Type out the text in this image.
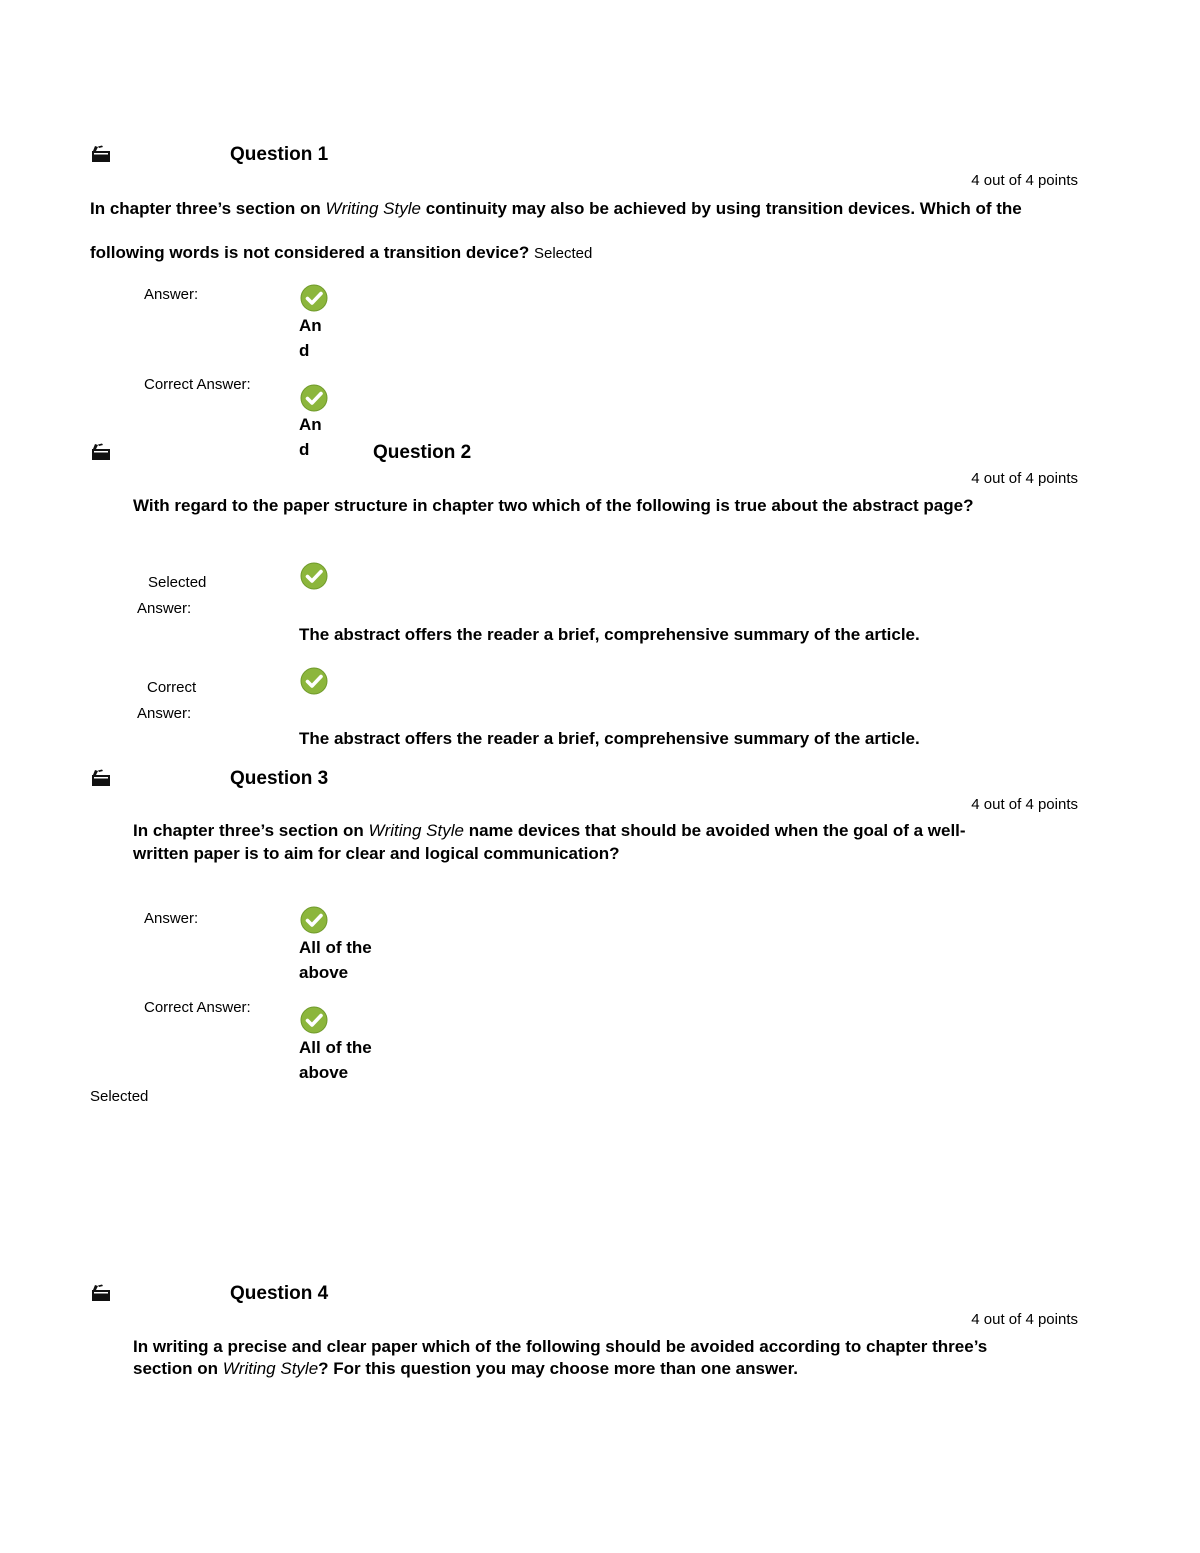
Question 1
4 out of 4 points
In chapter three’s section on Writing Style continuity may also be achieved by using transition devices. Which of the
following words is not considered a transition device? Selected
Answer:
And
Correct Answer:
And	Question 2
4 out of 4 points
With regard to the paper structure in chapter two which of the following is true about the abstract page?
Selected
Answer:
The abstract offers the reader a brief, comprehensive summary of the article.
Correct
Answer:
The abstract offers the reader a brief, comprehensive summary of the article.
Question 3
4 out of 4 points
In chapter three’s section on Writing Style name devices that should be avoided when the goal of a well-
written paper is to aim for clear and logical communication?
Answer:
All of the above
Correct Answer:
All of the above
Selected
Question 4
4 out of 4 points
In writing a precise and clear paper which of the following should be avoided according to chapter three’s
section on Writing Style? For this question you may choose more than one answer.
